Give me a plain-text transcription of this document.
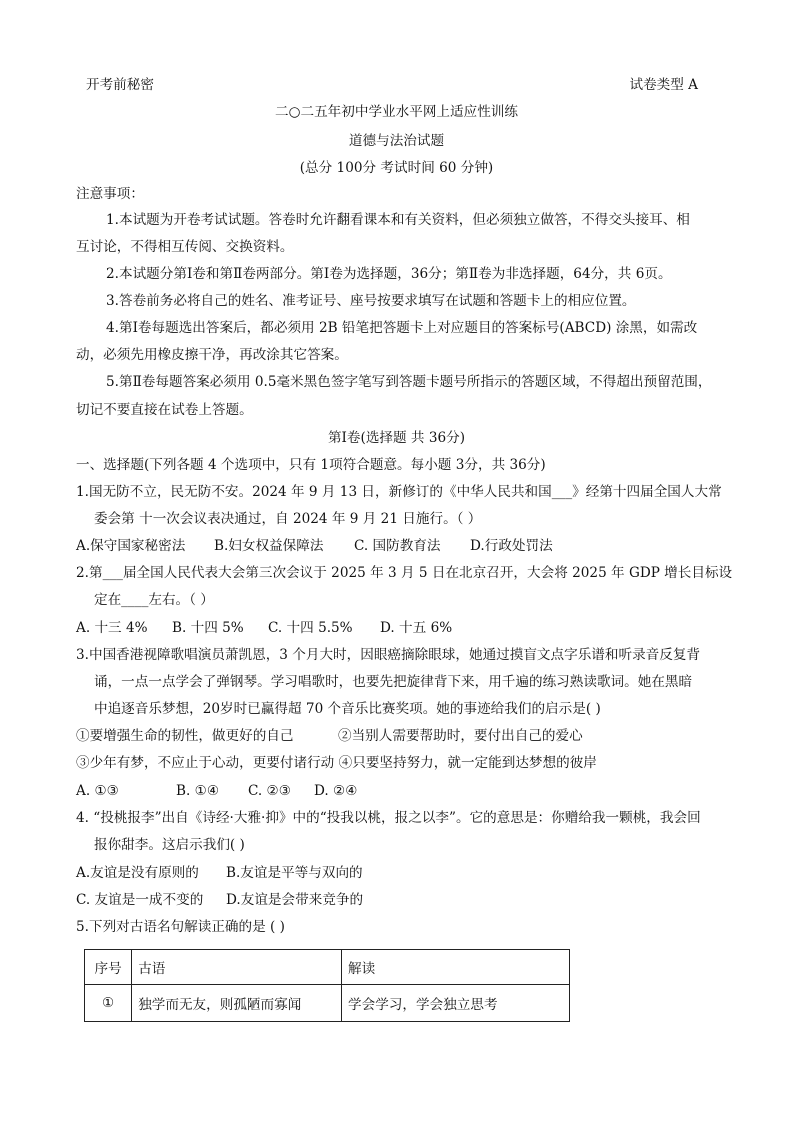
开考前秘密	试卷类型 A
二○二五年初中学业水平网上适应性训练
道德与法治试题
(总分 100分 考试时间 60 分钟)
注意事项：
1.本试题为开卷考试试题。答卷时允许翻看课本和有关资料，但必须独立做答，不得交头接耳、相
互讨论，不得相互传阅、交换资料。
2.本试题分第Ⅰ卷和第Ⅱ卷两部分。第Ⅰ卷为选择题，36分；第Ⅱ卷为非选择题，64分，共 6页。
3.答卷前务必将自己的姓名、准考证号、座号按要求填写在试题和答题卡上的相应位置。
4.第Ⅰ卷每题选出答案后，都必须用 2B 铅笔把答题卡上对应题目的答案标号(ABCD) 涂黑，如需改
动，必须先用橡皮擦干净，再改涂其它答案。
5.第Ⅱ卷每题答案必须用 0.5毫米黑色签字笔写到答题卡题号所指示的答题区域，不得超出预留范围，
切记不要直接在试卷上答题。
第Ⅰ卷(选择题 共 36分)
一、选择题(下列各题 4 个选项中，只有 1项符合题意。每小题 3分，共 36分)
1.国无防不立，民无防不安。2024 年 9 月 13 日，新修订的《中华人民共和国___》经第十四届全国人大常
委会第 十一次会议表决通过，自 2024 年 9 月 21 日施行。（ ）
A.保守国家秘密法 B.妇女权益保障法 C. 国防教育法 D.行政处罚法
2.第___届全国人民代表大会第三次会议于 2025 年 3 月 5 日在北京召开，大会将 2025 年 GDP 增长目标设
定在____左右。（ ）
A. 十三 4% B. 十四 5% C. 十四 5.5% D. 十五 6%
3.中国香港视障歌唱演员萧凯恩，3 个月大时，因眼癌摘除眼球，她通过摸盲文点字乐谱和听录音反复背
诵，一点一点学会了弹钢琴。学习唱歌时，也要先把旋律背下来，用千遍的练习熟读歌词。她在黑暗
中追逐音乐梦想，20岁时已赢得超 70 个音乐比赛奖项。她的事迹给我们的启示是( )
①要增强生命的韧性，做更好的自己	②当别人需要帮助时，要付出自己的爱心
③少年有梦，不应止于心动，更要付诸行动 ④只要坚持努力，就一定能到达梦想的彼岸
A. ①③	B. ①④ C. ②③ D. ②④
4. “投桃报李”出自《诗经·大雅·抑》中的“投我以桃，报之以李”。它的意思是：你赠给我一颗桃，我会回
报你甜李。这启示我们( )
A.友谊是没有原则的 B.友谊是平等与双向的
C. 友谊是一成不变的 D.友谊是会带来竞争的
5.下列对古语名句解读正确的是 ( )
序号	古语	解读
①	独学而无友，则孤陋而寡闻	学会学习，学会独立思考
